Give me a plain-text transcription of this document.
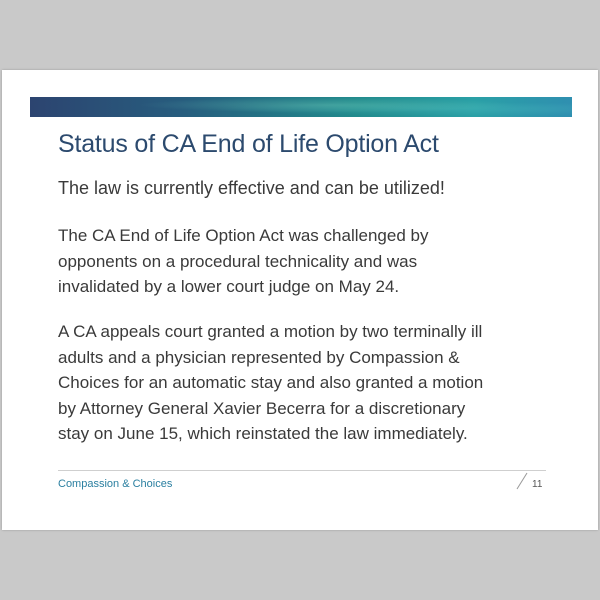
Status of CA End of Life Option Act

The law is currently effective and can be utilized!

The CA End of Life Option Act was challenged by
opponents on a procedural technicality and was
invalidated by a lower court judge on May 24.

A CA appeals court granted a motion by two terminally ill
adults and a physician represented by Compassion &
Choices for an automatic stay and also granted a motion
by Attorney General Xavier Becerra for a discretionary
stay on June 15, which reinstated the law immediately.

Compassion & Choices	11
